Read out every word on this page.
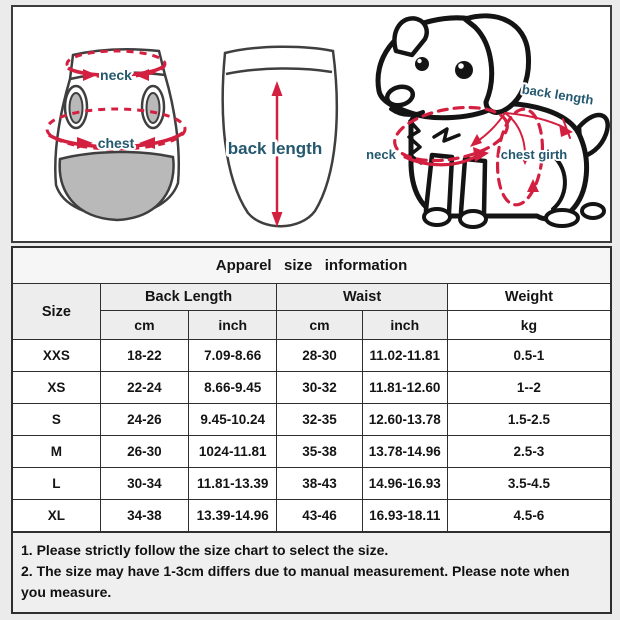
neck
chest	back length	neck	chest girth
back length
Apparel size information					
Size	Back Length		Waist		Weight
	cm	inch	cm	inch	kg
XXS	18-22	7.09-8.66	28-30	11.02-11.81	0.5-1
XS	22-24	8.66-9.45	30-32	11.81-12.60	1--2
S	24-26	9.45-10.24	32-35	12.60-13.78	1.5-2.5
M	26-30	1024-11.81	35-38	13.78-14.96	2.5-3
L	30-34	11.81-13.39	38-43	14.96-16.93	3.5-4.5
XL	34-38	13.39-14.96	43-46	16.93-18.11	4.5-6
1. Please strictly follow the size chart to select the size.
2. The size may have 1-3cm differs due to manual measurement. Please note when you measure.
